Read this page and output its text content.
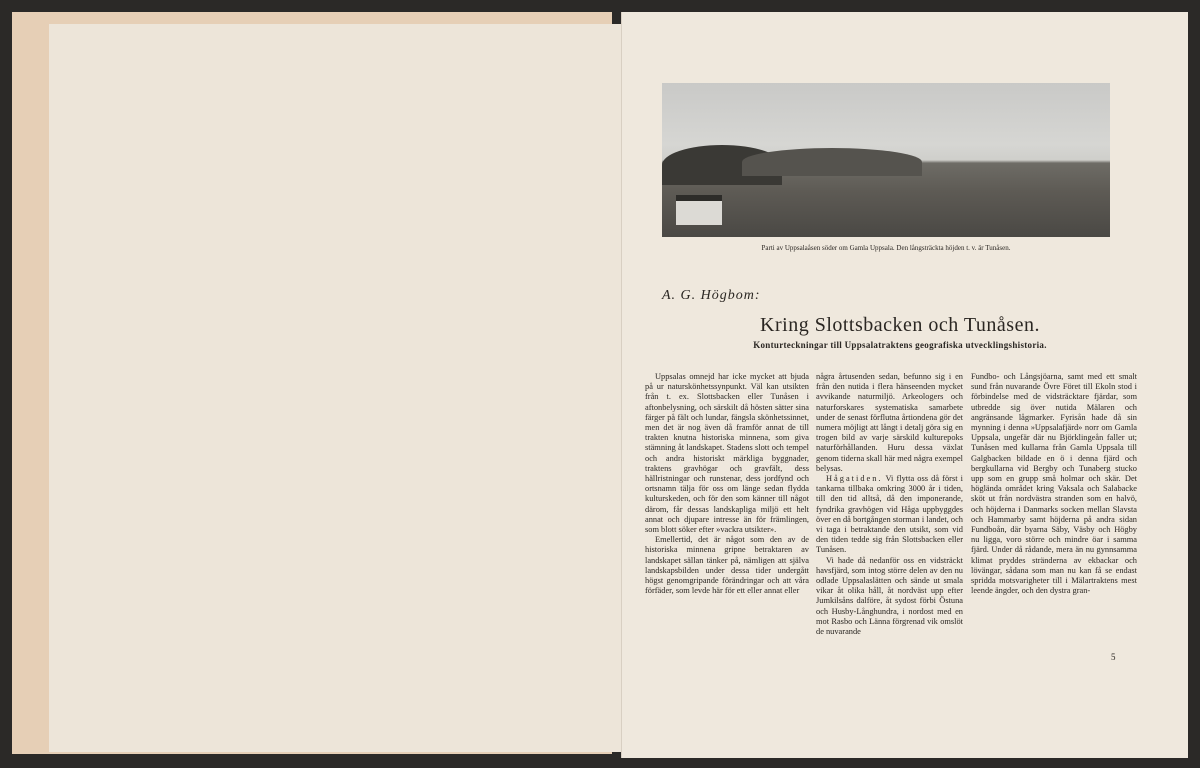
Parti av Uppsalaåsen söder om Gamla Uppsala. Den långsträckta höjden t. v. är Tunåsen.
A. G. Högbom:
Kring Slottsbacken och Tunåsen.
Konturteckningar till Uppsalatraktens geografiska utvecklingshistoria.

Uppsalas omnejd har icke mycket att bjuda på ur naturskönhetssynpunkt. Väl kan utsikten från t. ex. Slottsbacken eller Tunåsen i aftonbelysning, och särskilt då hösten sätter sina färger på fält och lundar, fängsla skönhetssinnet, men det är nog även då framför annat de till trakten knutna historiska minnena, som giva stämning åt landskapet. Stadens slott och tempel och andra historiskt märkliga byggnader, traktens gravhögar och gravfält, dess hällristningar och runstenar, dess jordfynd och ortsnamn tälja för oss om länge sedan flydda kulturskeden, och för den som känner till något därom, får dessas landskapliga miljö ett helt annat och djupare intresse än för främlingen, som blott söker efter »vackra utsikter».

Emellertid, det är något som den av de historiska minnena gripne betraktaren av landskapet sällan tänker på, nämligen att själva landskapsbilden under dessa tider undergått högst genomgripande förändringar och att våra förfäder, som levde här för ett eller annat eller

några årtusenden sedan, befunno sig i en från den nutida i flera hänseenden mycket avvikande naturmiljö. Arkeologers och naturforskares systematiska samarbete under de senast förflutna årtiondena gör det numera möjligt att långt i detalj göra sig en trogen bild av varje särskild kulturepoks naturförhållanden. Huru dessa växlat genom tiderna skall här med några exempel belysas.

Hågatiden. Vi flytta oss då först i tankarna tillbaka omkring 3000 år i tiden, till den tid alltså, då den imponerande, fyndrika gravhögen vid Håga uppbyggdes över en då bortgången storman i landet, och vi taga i betraktande den utsikt, som vid den tiden tedde sig från Slottsbacken eller Tunåsen.

Vi hade då nedanför oss en vidsträckt havsfjärd, som intog större delen av den nu odlade Uppsalaslätten och sände ut smala vikar åt olika håll, åt nordväst upp efter Jumkilsåns dalföre, åt sydost förbi Östuna och Husby-Långhundra, i nordost med en mot Rasbo och Länna förgrenad vik omslöt de nuvarande

Fundbo- och Långsjöarna, samt med ett smalt sund från nuvarande Övre Föret till Ekoln stod i förbindelse med de vidsträcktare fjärdar, som utbredde sig över nutida Mälaren och angränsande lågmarker. Fyrisån hade då sin mynning i denna »Uppsalafjärd» norr om Gamla Uppsala, ungefär där nu Björklingeån faller ut; Tunåsen med kullarna från Gamla Uppsala till Galgbacken bildade en ö i denna fjärd och bergkullarna vid Bergby och Tunaberg stucko upp som en grupp små holmar och skär. Det högländа området kring Vaksala och Salabacke sköt ut från nordvästra stranden som en halvö, och höjderna i Danmarks socken mellan Slavsta och Hammarby samt höjderna på andra sidan Fundboån, där byarna Säby, Väsby och Högby nu ligga, voro större och mindre öar i samma fjärd. Under då rådande, mera än nu gynnsamma klimat pryddes stränderna av ekbackar och lövängar, sådana som man nu kan få se endast spridda motsvarigheter till i Mälartraktens mest leende ängder, och den dystra gran-

5
